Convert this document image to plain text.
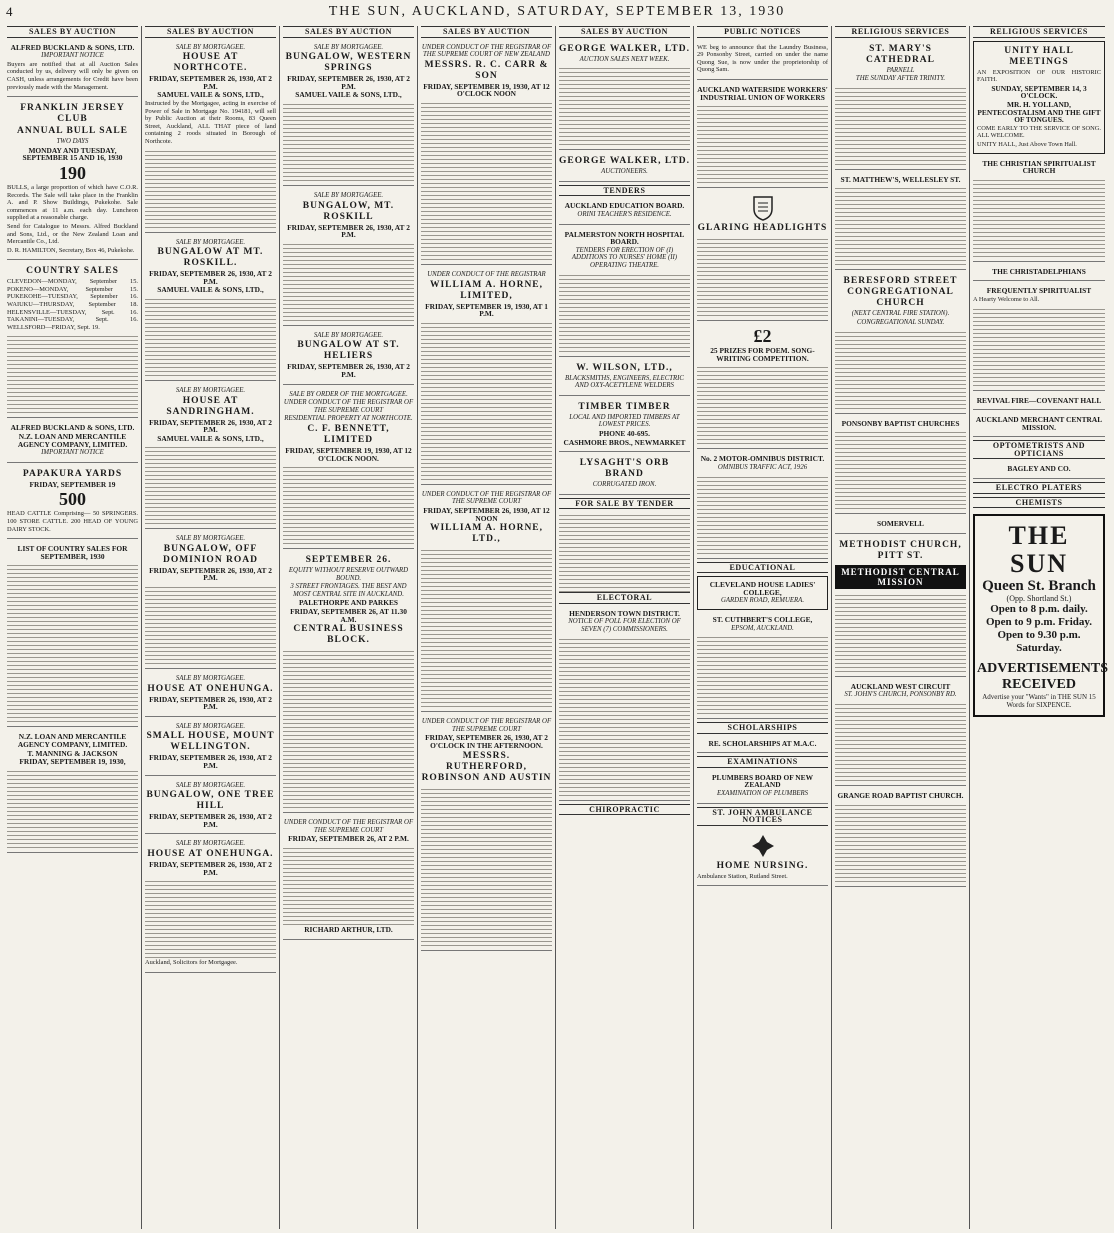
4	THE SUN, AUCKLAND, SATURDAY, SEPTEMBER 13, 1930
SALES BY AUCTION
ALFRED BUCKLAND & SONS, LTD.
IMPORTANT NOTICE

Buyers are notified that at all Auction Sales conducted by us, delivery will only be given on CASH, unless arrangements for Credit have been previously made with the Management.

FRANKLIN JERSEY CLUB
ANNUAL BULL SALE
TWO DAYS
MONDAY AND TUESDAY, SEPTEMBER 15 AND 16, 1930
190

BULLS, a large proportion of which have C.O.R. Records. The Sale will take place in the Franklin A. and P. Show Buildings, Pukekohe. Sale commences at 11 a.m. each day. Luncheon supplied at a reasonable charge.

Send for Catalogue to Messrs. Alfred Buckland and Sons, Ltd., or the New Zealand Loan and Mercantile Co., Ltd.

D. R. HAMILTON, Secretary, Box 46, Pukekohe.

COUNTRY SALES

CLEVEDON—MONDAY, September 15. POKENO—MONDAY, September 15. PUKEKOHE—TUESDAY, September 16. WAIUKU—THURSDAY, September 18. HELENSVILLE—TUESDAY, Sept. 16. TAKANINI—TUESDAY, Sept. 16. WELLSFORD—FRIDAY, Sept. 19.

ALFRED BUCKLAND & SONS, LTD.
N.Z. LOAN AND MERCANTILE AGENCY COMPANY, LIMITED.
IMPORTANT NOTICE
PAPAKURA YARDS
FRIDAY, SEPTEMBER 19
500

HEAD CATTLE Comprising— 50 SPRINGERS. 100 STORE CATTLE. 200 HEAD OF YOUNG DAIRY STOCK.

LIST OF COUNTRY SALES FOR SEPTEMBER, 1930
N.Z. LOAN AND MERCANTILE AGENCY COMPANY, LIMITED.
T. MANNING & JACKSON
FRIDAY, SEPTEMBER 19, 1930,
SALES BY AUCTION
SALE BY MORTGAGEE.
HOUSE AT NORTHCOTE.
FRIDAY, SEPTEMBER 26, 1930, AT 2 P.M.
SAMUEL VAILE & SONS, LTD.,

Instructed by the Mortgagee, acting in exercise of Power of Sale in Mortgage No. 194181, will sell by Public Auction at their Rooms, 83 Queen Street, Auckland, ALL THAT piece of land containing 2 roods situated in Borough of Northcote.

SALE BY MORTGAGEE.
BUNGALOW AT MT. ROSKILL.
FRIDAY, SEPTEMBER 26, 1930, AT 2 P.M.
SAMUEL VAILE & SONS, LTD.,
SALE BY MORTGAGEE.
HOUSE AT SANDRINGHAM.
FRIDAY, SEPTEMBER 26, 1930, AT 2 P.M.
SAMUEL VAILE & SONS, LTD.,
SALE BY MORTGAGEE.
BUNGALOW, OFF DOMINION ROAD
FRIDAY, SEPTEMBER 26, 1930, AT 2 P.M.
SALE BY MORTGAGEE.
HOUSE AT ONEHUNGA.
FRIDAY, SEPTEMBER 26, 1930, AT 2 P.M.
SALE BY MORTGAGEE.
SMALL HOUSE, MOUNT WELLINGTON.
FRIDAY, SEPTEMBER 26, 1930, AT 2 P.M.
SALE BY MORTGAGEE.
BUNGALOW, ONE TREE HILL
FRIDAY, SEPTEMBER 26, 1930, AT 2 P.M.
SALE BY MORTGAGEE.
HOUSE AT ONEHUNGA.
FRIDAY, SEPTEMBER 26, 1930, AT 2 P.M.

Auckland, Solicitors for Mortgagee.

SALES BY AUCTION
SALE BY MORTGAGEE.
BUNGALOW, WESTERN SPRINGS
FRIDAY, SEPTEMBER 26, 1930, AT 2 P.M.
SAMUEL VAILE & SONS, LTD.,
SALE BY MORTGAGEE.
BUNGALOW, MT. ROSKILL
FRIDAY, SEPTEMBER 26, 1930, AT 2 P.M.
SALE BY MORTGAGEE.
BUNGALOW AT ST. HELIERS
FRIDAY, SEPTEMBER 26, 1930, AT 2 P.M.
SALE BY ORDER OF THE MORTGAGEE.
UNDER CONDUCT OF THE REGISTRAR OF THE SUPREME COURT
RESIDENTIAL PROPERTY AT NORTHCOTE.
C. F. BENNETT, LIMITED
FRIDAY, SEPTEMBER 19, 1930, AT 12 O'CLOCK NOON.
SEPTEMBER 26.
EQUITY WITHOUT RESERVE OUTWARD BOUND.
3 STREET FRONTAGES. THE BEST AND MOST CENTRAL SITE IN AUCKLAND.
PALETHORPE AND PARKES
FRIDAY, SEPTEMBER 26, AT 11.30 A.M.
CENTRAL BUSINESS BLOCK.
UNDER CONDUCT OF THE REGISTRAR OF THE SUPREME COURT
FRIDAY, SEPTEMBER 26, AT 2 P.M.
RICHARD ARTHUR, LTD.
SALES BY AUCTION
UNDER CONDUCT OF THE REGISTRAR OF THE SUPREME COURT OF NEW ZEALAND
MESSRS. R. C. CARR & SON
FRIDAY, SEPTEMBER 19, 1930, AT 12 O'CLOCK NOON
UNDER CONDUCT OF THE REGISTRAR
WILLIAM A. HORNE, LIMITED,
FRIDAY, SEPTEMBER 19, 1930, AT 1 P.M.
UNDER CONDUCT OF THE REGISTRAR OF THE SUPREME COURT
FRIDAY, SEPTEMBER 26, 1930, AT 12 NOON
WILLIAM A. HORNE, LTD.,
UNDER CONDUCT OF THE REGISTRAR OF THE SUPREME COURT
FRIDAY, SEPTEMBER 26, 1930, AT 2 O'CLOCK IN THE AFTERNOON.
MESSRS. RUTHERFORD, ROBINSON AND AUSTIN
SALES BY AUCTION
GEORGE WALKER, LTD.
AUCTION SALES NEXT WEEK.
GEORGE WALKER, LTD.
AUCTIONEERS.
TENDERS
AUCKLAND EDUCATION BOARD.
ORINI TEACHER'S RESIDENCE.
PALMERSTON NORTH HOSPITAL BOARD.
TENDERS FOR ERECTION OF (I) ADDITIONS TO NURSES' HOME (II) OPERATING THEATRE.
W. WILSON, LTD.,
BLACKSMITHS, ENGINEERS, ELECTRIC AND OXY-ACETYLENE WELDERS
TIMBER TIMBER
LOCAL AND IMPORTED TIMBERS AT LOWEST PRICES.
PHONE 40-695.
CASHMORE BROS., NEWMARKET
LYSAGHT'S ORB BRAND
CORRUGATED IRON.
FOR SALE BY TENDER
ELECTORAL
HENDERSON TOWN DISTRICT.
NOTICE OF POLL FOR ELECTION OF SEVEN (7) COMMISSIONERS.
CHIROPRACTIC
PUBLIC NOTICES

WE beg to announce that the Laundry Business, 29 Ponsonby Street, carried on under the name Quong Sue, is now under the proprietorship of Quong Sam.

AUCKLAND WATERSIDE WORKERS' INDUSTRIAL UNION OF WORKERS
GLARING HEADLIGHTS
£2
25 PRIZES FOR POEM. SONG-WRITING COMPETITION.
No. 2 MOTOR-OMNIBUS DISTRICT.
OMNIBUS TRAFFIC ACT, 1926
EDUCATIONAL
CLEVELAND HOUSE LADIES' COLLEGE,
GARDEN ROAD, REMUERA.
ST. CUTHBERT'S COLLEGE,
EPSOM, AUCKLAND.
SCHOLARSHIPS
RE. SCHOLARSHIPS AT M.A.C.
EXAMINATIONS
PLUMBERS BOARD OF NEW ZEALAND
EXAMINATION OF PLUMBERS
ST. JOHN AMBULANCE NOTICES
HOME NURSING.

Ambulance Station, Rutland Street.

RELIGIOUS SERVICES
ST. MARY'S CATHEDRAL
PARNELL
THE SUNDAY AFTER TRINITY.
ST. MATTHEW'S, WELLESLEY ST.
BERESFORD STREET CONGREGATIONAL CHURCH
(NEXT CENTRAL FIRE STATION).
CONGREGATIONAL SUNDAY.
PONSONBY BAPTIST CHURCHES
SOMERVELL
METHODIST CHURCH, PITT ST.
METHODIST CENTRAL MISSION
AUCKLAND WEST CIRCUIT
ST. JOHN'S CHURCH, PONSONBY RD.
GRANGE ROAD BAPTIST CHURCH.
RELIGIOUS SERVICES
UNITY HALL MEETINGS

AN EXPOSITION OF OUR HISTORIC FAITH.

SUNDAY, SEPTEMBER 14, 3 O'CLOCK.
MR. H. YOLLAND, PENTECOSTALISM AND THE GIFT OF TONGUES.

COME EARLY TO THE SERVICE OF SONG. ALL WELCOME.

UNITY HALL, Just Above Town Hall.

THE CHRISTIAN SPIRITUALIST CHURCH
THE CHRISTADELPHIANS
FREQUENTLY SPIRITUALIST

A Hearty Welcome to All.

REVIVAL FIRE—COVENANT HALL
AUCKLAND MERCHANT CENTRAL MISSION.
OPTOMETRISTS AND OPTICIANS
BAGLEY AND CO.
ELECTRO PLATERS
CHEMISTS
THE SUN
Queen St. Branch
(Opp. Shortland St.)
Open to 8 p.m. daily.
Open to 9 p.m. Friday.
Open to 9.30 p.m. Saturday.
ADVERTISEMENTS RECEIVED
Advertise your "Wants" in THE SUN 15 Words for SIXPENCE.
